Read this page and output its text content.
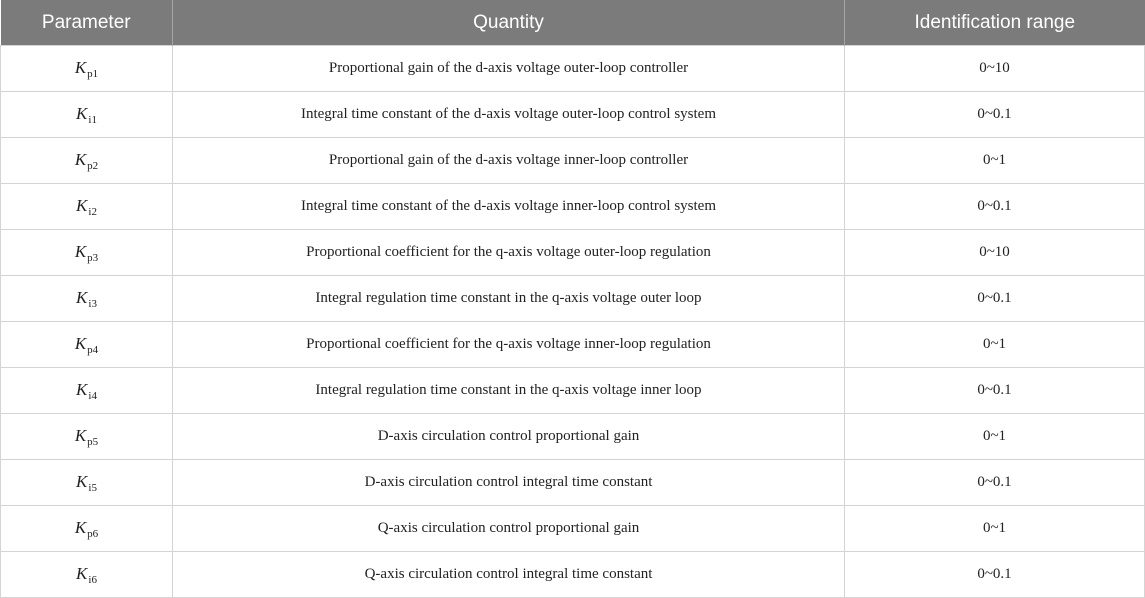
Parameter	Quantity	Identification range
$K_{p1}$	Proportional gain of the d-axis voltage outer-loop controller	0~10
$K_{i1}$	Integral time constant of the d-axis voltage outer-loop control system	0~0.1
$K_{p2}$	Proportional gain of the d-axis voltage inner-loop controller	0~1
$K_{i2}$	Integral time constant of the d-axis voltage inner-loop control system	0~0.1
$K_{p3}$	Proportional coefficient for the q-axis voltage outer-loop regulation	0~10
$K_{i3}$	Integral regulation time constant in the q-axis voltage outer loop	0~0.1
$K_{p4}$	Proportional coefficient for the q-axis voltage inner-loop regulation	0~1
$K_{i4}$	Integral regulation time constant in the q-axis voltage inner loop	0~0.1
$K_{p5}$	D-axis circulation control proportional gain	0~1
$K_{i5}$	D-axis circulation control integral time constant	0~0.1
$K_{p6}$	Q-axis circulation control proportional gain	0~1
$K_{i6}$	Q-axis circulation control integral time constant	0~0.1
